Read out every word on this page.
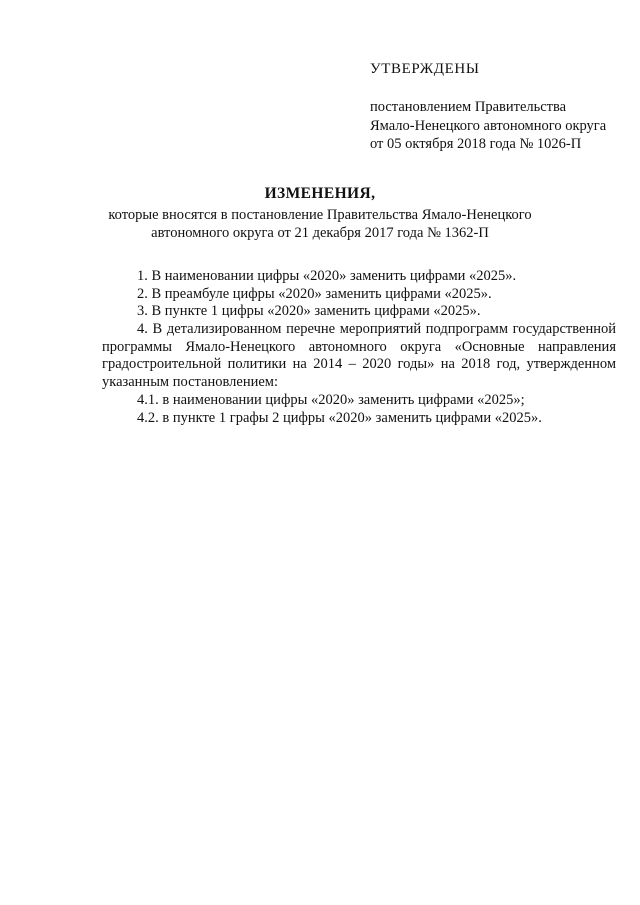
УТВЕРЖДЕНЫ
постановлением Правительства
Ямало-Ненецкого автономного округа
от 05 октября 2018 года № 1026-П
ИЗМЕНЕНИЯ,
которые вносятся в постановление Правительства Ямало-Ненецкого
автономного округа от 21 декабря 2017 года № 1362-П

1. В наименовании цифры «2020» заменить цифрами «2025».

2. В преамбуле цифры «2020» заменить цифрами «2025».

3. В пункте 1 цифры «2020» заменить цифрами «2025».

4. В детализированном перечне мероприятий подпрограмм государственной программы Ямало-Ненецкого автономного округа «Основные направления градостроительной политики на 2014 – 2020 годы» на 2018 год, утвержденном указанным постановлением:

4.1. в наименовании цифры «2020» заменить цифрами «2025»;

4.2. в пункте 1 графы 2 цифры «2020» заменить цифрами «2025».
